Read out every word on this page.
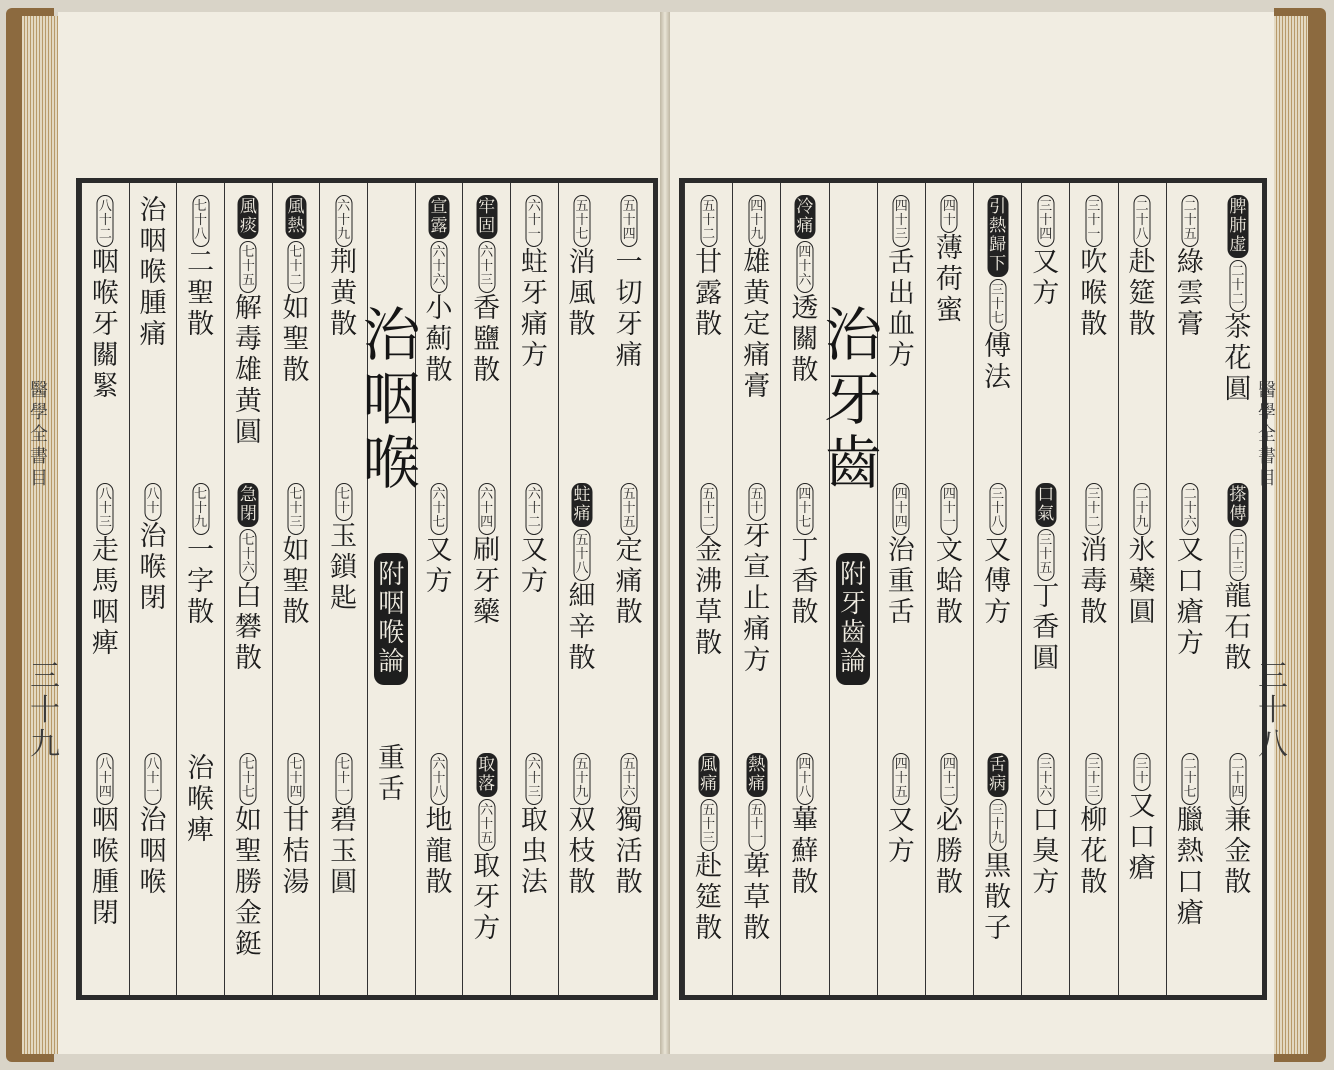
醫
學
全
書
目
三
十
九
醫
學
全
書
目
三
十
八
五
十
四
一
切
牙
痛
五
十
五
定
痛
散
五
十
六
獨
活
散
五
十
七
消
風
散
蛀
痛
五
十
八
細
辛
散
五
十
九
双
枝
散
六
十
一
蛀
牙
痛
方
六
十
二
又
方
六
十
三
取
虫
法
牢
固
六
十
三
香
鹽
散
六
十
四
刷
牙
藥
取
落
六
十
五
取
牙
方
宣
露
六
十
六
小
薊
散
六
十
七
又
方
六
十
八
地
龍
散
治
咽
喉
附
咽
喉
論
重
舌
六
十
九
荆
黄
散
七
十
玉
鎖
匙
七
十
一
碧
玉
圓
風
熱
七
十
二
如
聖
散
七
十
三
如
聖
散
七
十
四
甘
桔
湯
風
痰
七
十
五
解
毒
雄
黄
圓
急
閉
七
十
六
白
礬
散
七
十
七
如
聖
勝
金
鋌
七
十
八
二
聖
散
七
十
九
一
字
散
治
喉
痺
治
咽
喉
腫
痛
八
十
治
喉
閉
八
十
一
治
咽
喉
八
十
二
咽
喉
牙
關
緊
八
十
三
走
馬
咽
痺
八
十
四
咽
喉
腫
閉
脾
肺
虚
二
十
二
茶
花
圓
搽
傳
二
十
三
龍
石
散
二
十
四
兼
金
散
二
十
五
綠
雲
膏
二
十
六
又
口
瘡
方
二
十
七
臘
熱
口
瘡
二
十
八
赴
筵
散
二
十
九
氷
蘗
圓
三
十
又
口
瘡
三
十
一
吹
喉
散
三
十
二
消
毒
散
三
十
三
柳
花
散
三
十
四
又
方
口
氣
三
十
五
丁
香
圓
三
十
六
口
臭
方
引
熱
歸
下
三
十
七
傅
法
三
十
八
又
傅
方
舌
病
三
十
九
黒
散
子
四
十
薄
荷
蜜
四
十
一
文
蛤
散
四
十
二
必
勝
散
四
十
三
舌
出
血
方
四
十
四
治
重
舌
四
十
五
又
方
治
牙
齒
附
牙
齒
論
冷
痛
四
十
六
透
關
散
四
十
七
丁
香
散
四
十
八
蓽
蘚
散
四
十
九
雄
黄
定
痛
膏
五
十
牙
宣
止
痛
方
熱
痛
五
十
一
萆
草
散
五
十
二
甘
露
散
五
十
二
金
沸
草
散
風
痛
五
十
三
赴
筵
散
